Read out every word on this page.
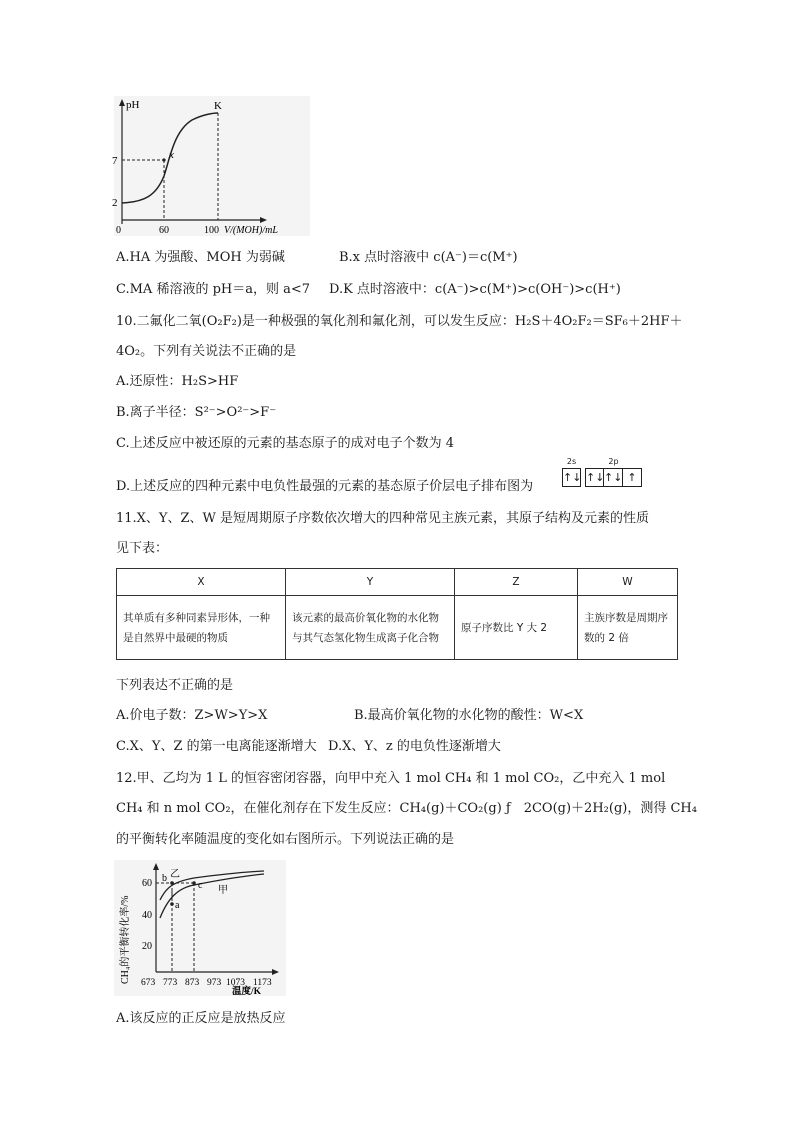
pH
7
2
0	60	100 V/(MOH)/mL
x
K
A.HA 为强酸、MOH 为弱碱	B.x 点时溶液中 c(A⁻)＝c(M⁺)
C.MA 稀溶液的 pH＝a，则 a<7 D.K 点时溶液中：c(A⁻)>c(M⁺)>c(OH⁻)>c(H⁺)
10.二氟化二氧(O₂F₂)是一种极强的氧化剂和氟化剂，可以发生反应：H₂S＋4O₂F₂＝SF₆＋2HF＋
4O₂。下列有关说法不正确的是
A.还原性：H₂S>HF
B.离子半径：S²⁻>O²⁻>F⁻
C.上述反应中被还原的元素的基态原子的成对电子个数为 4
D.上述反应的四种元素中电负性最强的元素的基态原子价层电子排布图为
2s
↑↓
2p
↑↓↑↓ ↑
11.X、Y、Z、W 是短周期原子序数依次增大的四种常见主族元素，其原子结构及元素的性质
见下表：
X	Y	Z	W
其单质有多种同素异形体，一种是自然界中最硬的物质	该元素的最高价氧化物的水化物与其气态氢化物生成离子化合物	原子序数比 Y 大 2	主族序数是周期序数的 2 倍
下列表达不正确的是
A.价电子数：Z>W>Y>X	B.最高价氧化物的水化物的酸性：W<X
C.X、Y、Z 的第一电离能逐渐增大 D.X、Y、z 的电负性逐渐增大
12.甲、乙均为 1 L 的恒容密闭容器，向甲中充入 1 mol CH₄ 和 1 mol CO₂，乙中充入 1 mol
CH₄ 和 n mol CO₂，在催化剂存在下发生反应：CH₄(g)＋CO₂(g) ƒ　2CO(g)＋2H₂(g)，测得 CH₄
的平衡转化率随温度的变化如右图所示。下列说法正确的是
CH₄的平衡转化率/%
60
40
20
673 773 873 973 1073 1173
温度/K
乙
甲
b
a
c
A.该反应的正反应是放热反应
